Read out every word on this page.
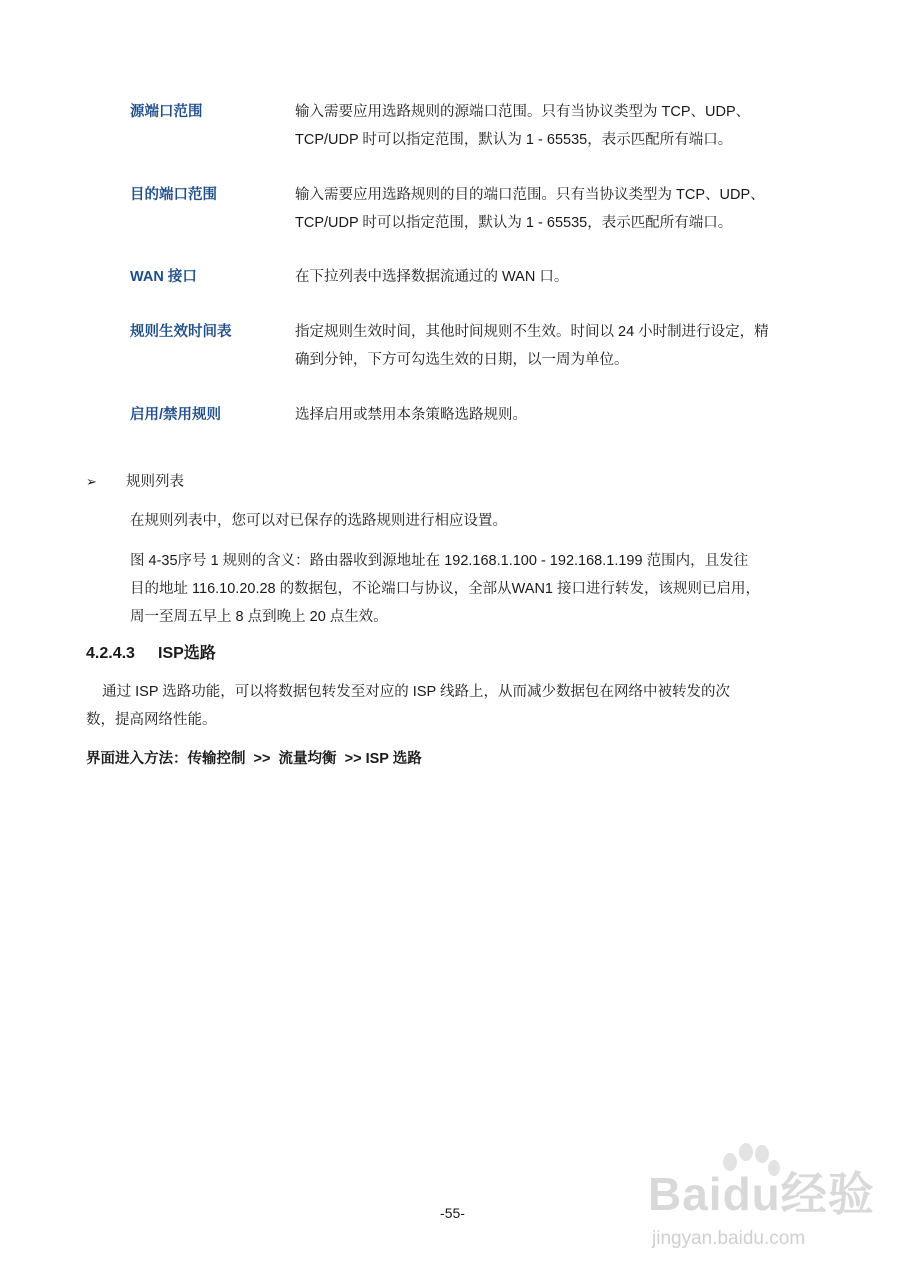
源端口范围	输入需要应用选路规则的源端口范围。只有当协议类型为 TCP、UDP、
TCP/UDP 时可以指定范围，默认为 1 - 65535，表示匹配所有端口。
目的端口范围	输入需要应用选路规则的目的端口范围。只有当协议类型为 TCP、UDP、
TCP/UDP 时可以指定范围，默认为 1 - 65535，表示匹配所有端口。
WAN 接口	在下拉列表中选择数据流通过的 WAN 口。
规则生效时间表	指定规则生效时间，其他时间规则不生效。时间以 24 小时制进行设定，精
确到分钟，下方可勾选生效的日期，以一周为单位。
启用/禁用规则	选择启用或禁用本条策略选路规则。
➢ 规则列表
在规则列表中，您可以对已保存的选路规则进行相应设置。
图 4-35序号 1 规则的含义：路由器收到源地址在 192.168.1.100 - 192.168.1.199 范围内，且发往
目的地址 116.10.20.28 的数据包，不论端口与协议，全部从WAN1 接口进行转发，该规则已启用，
周一至周五早上 8 点到晚上 20 点生效。
4.2.4.3 ISP选路
通过 ISP 选路功能，可以将数据包转发至对应的 ISP 线路上，从而减少数据包在网络中被转发的次
数，提高网络性能。
界面进入方法：传输控制  >>  流量均衡  >> ISP 选路
-55-	Baidu经验
jingyan.baidu.com
